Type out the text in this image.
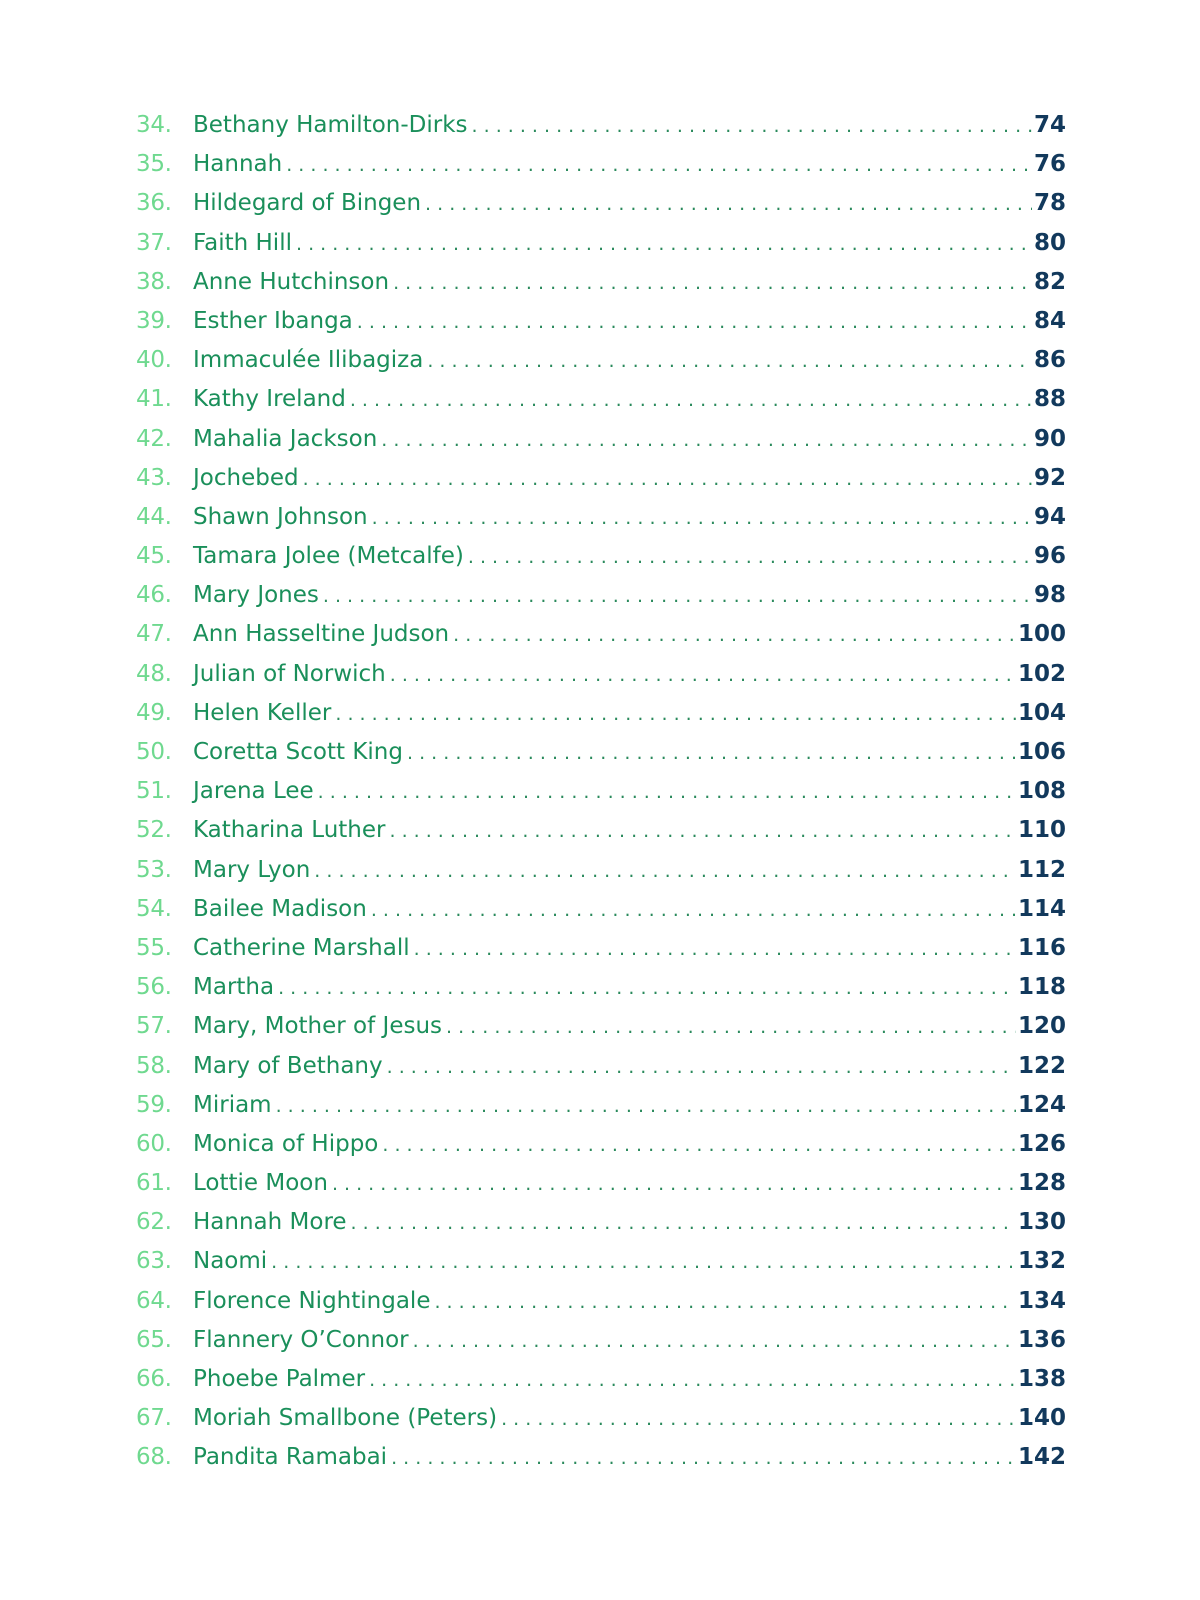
34. Bethany Hamilton-Dirks . . .	74
35. Hannah . . .	76
36. Hildegard of Bingen . . .	78
37. Faith Hill . . .	80
38. Anne Hutchinson . . .	82
39. Esther Ibanga . . .	84
40. Immaculée Ilibagiza . . .	86
41. Kathy Ireland . . .	88
42. Mahalia Jackson . . .	90
43. Jochebed . . .	92
44. Shawn Johnson . . .	94
45. Tamara Jolee (Metcalfe) . . .	96
46. Mary Jones . . .	98
47. Ann Hasseltine Judson . . .	100
48. Julian of Norwich . . .	102
49. Helen Keller . . .	104
50. Coretta Scott King . . .	106
51. Jarena Lee . . .	108
52. Katharina Luther . . .	110
53. Mary Lyon . . .	112
54. Bailee Madison . . .	114
55. Catherine Marshall . . .	116
56. Martha . . .	118
57. Mary, Mother of Jesus . . .	120
58. Mary of Bethany . . .	122
59. Miriam . . .	124
60. Monica of Hippo . . .	126
61. Lottie Moon . . .	128
62. Hannah More . . .	130
63. Naomi . . .	132
64. Florence Nightingale . . .	134
65. Flannery O’Connor . . .	136
66. Phoebe Palmer . . .	138
67. Moriah Smallbone (Peters) . . .	140
68. Pandita Ramabai . . .	142
